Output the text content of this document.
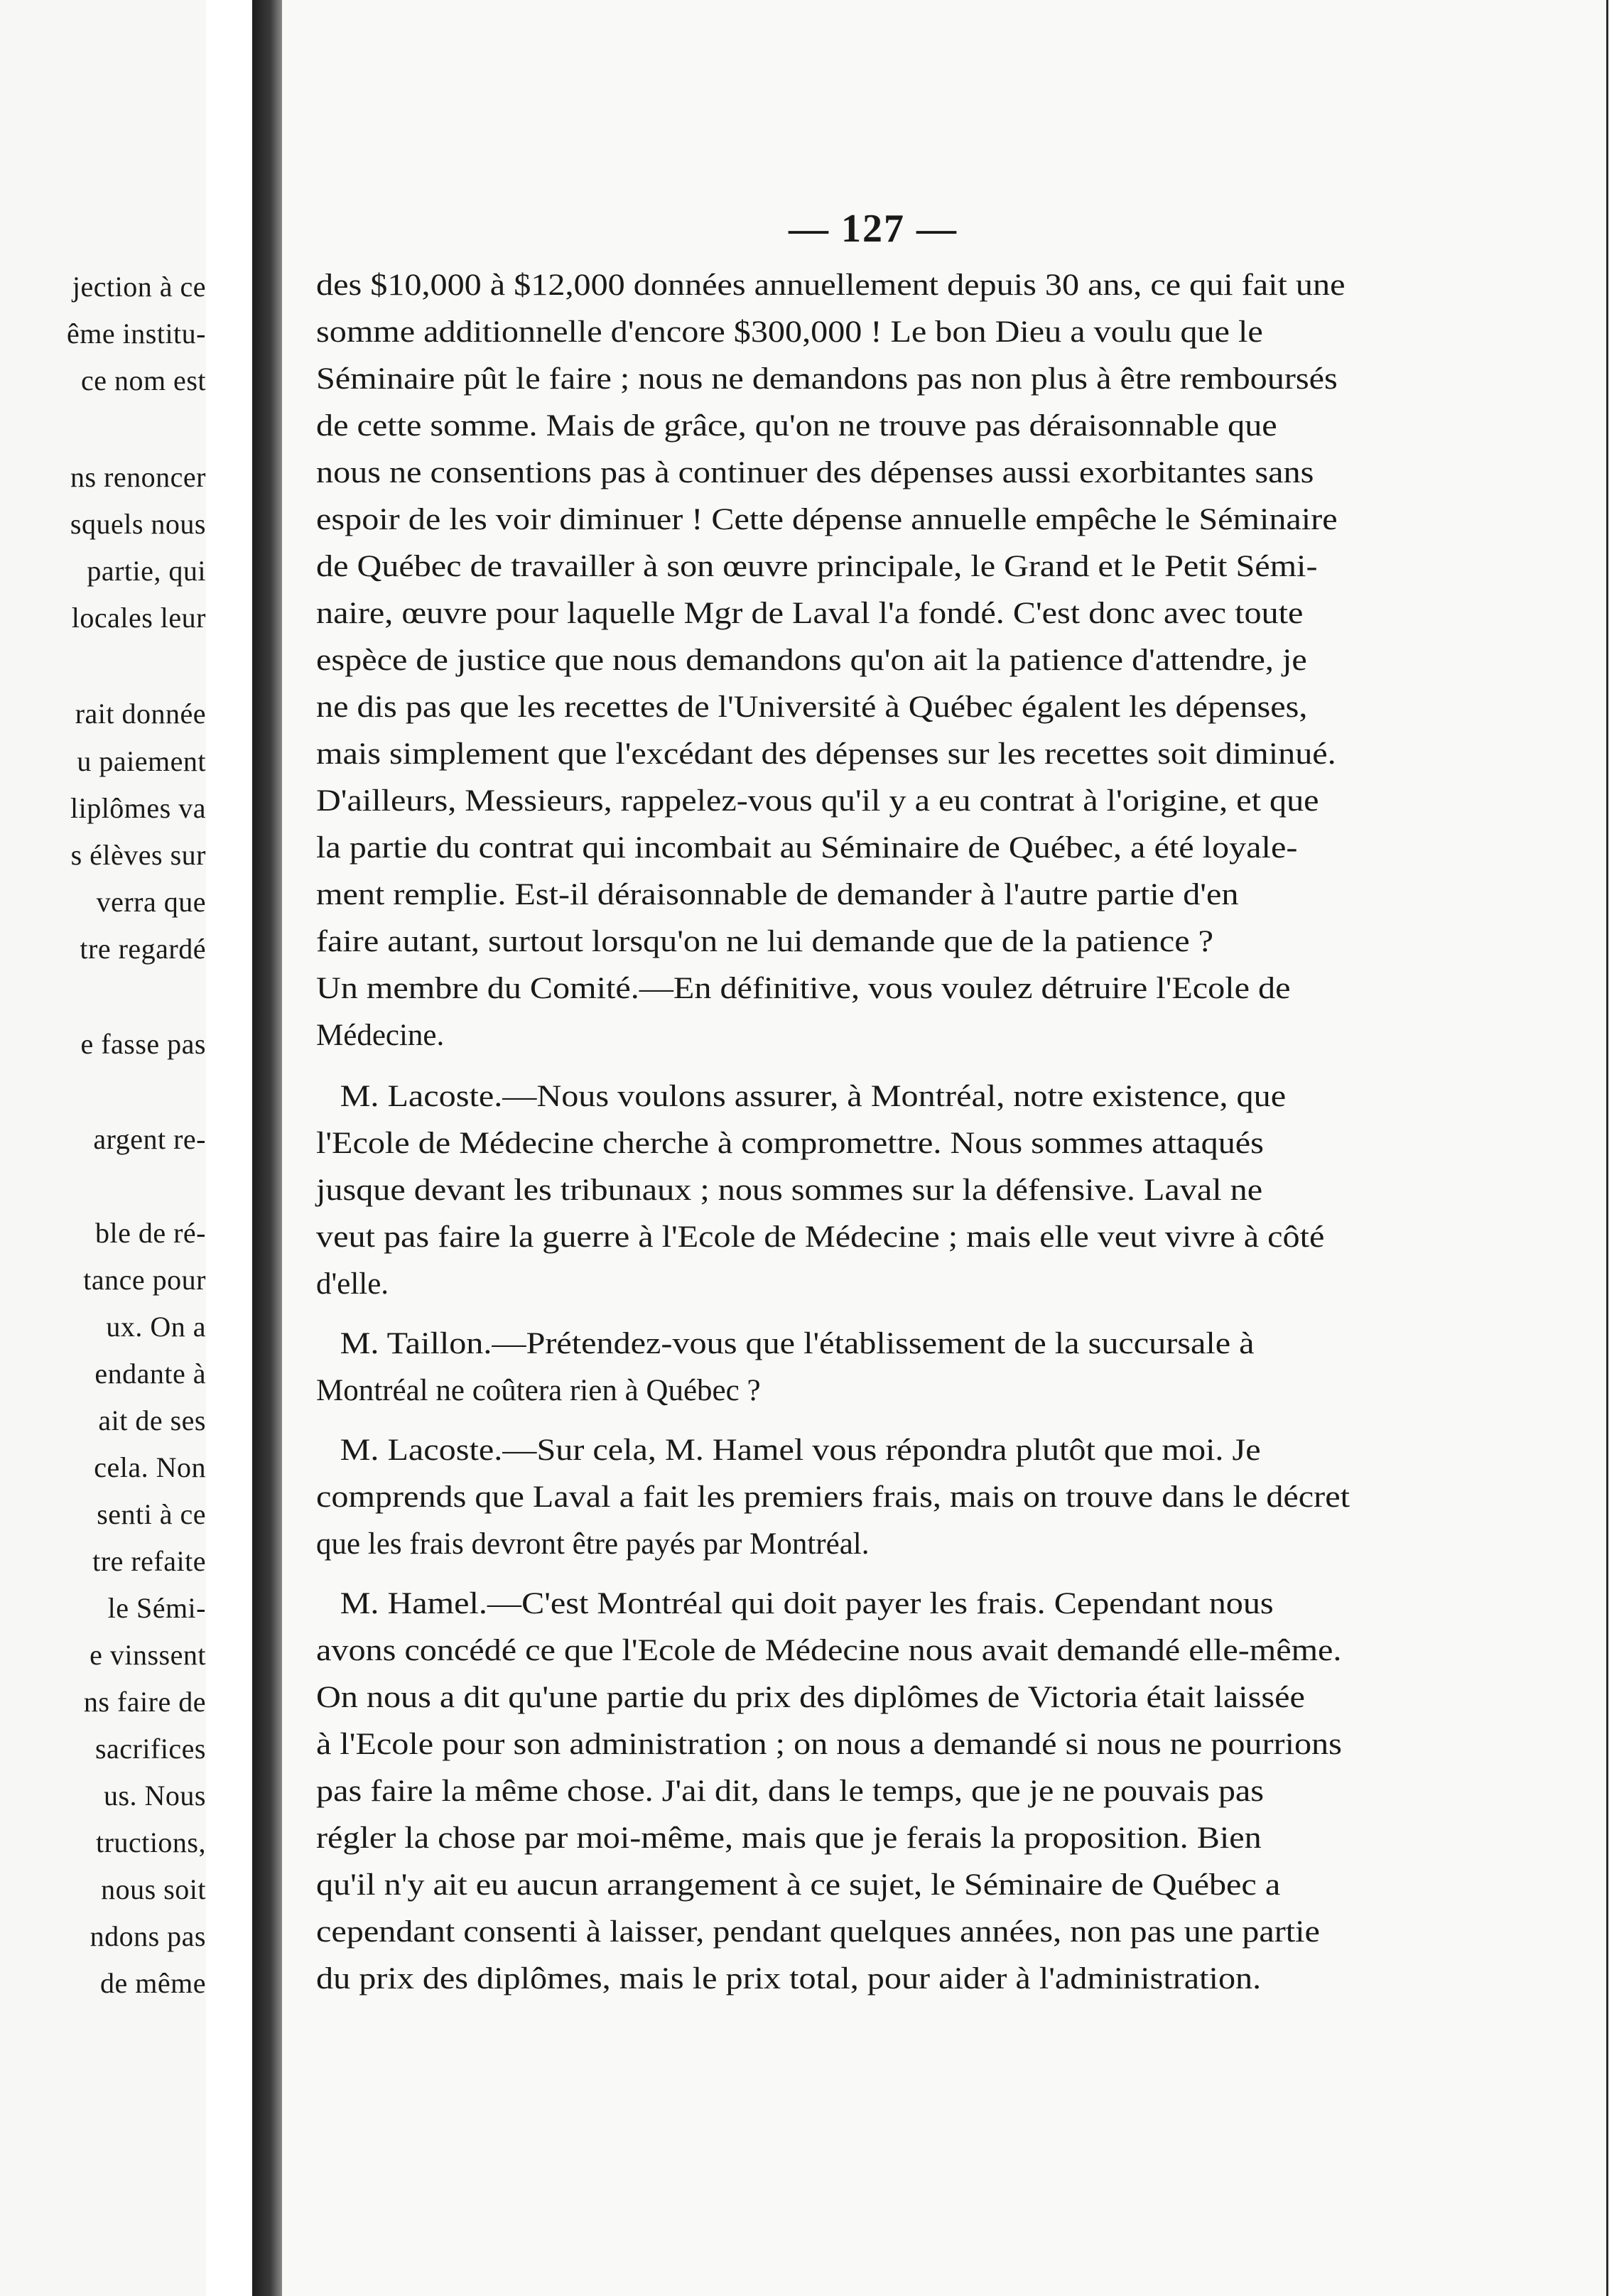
jection à ce
ême institu-
ce nom est
ns renoncer
squels nous
partie, qui
locales leur
rait donnée
u paiement
liplômes va
s élèves sur
verra que
tre regardé
e fasse pas
argent re-
ble de ré-
tance pour
ux. On a
endante à
ait de ses
cela. Non
senti à ce
tre refaite
le Sémi-
e vinssent
ns faire de
sacrifices
us. Nous
tructions,
nous soit
ndons pas
de même
— 127 —
des $10,000 à $12,000 données annuellement depuis 30 ans, ce qui fait une
somme additionnelle d'encore $300,000 ! Le bon Dieu a voulu que le
Séminaire pût le faire ; nous ne demandons pas non plus à être remboursés
de cette somme. Mais de grâce, qu'on ne trouve pas déraisonnable que
nous ne consentions pas à continuer des dépenses aussi exorbitantes sans
espoir de les voir diminuer ! Cette dépense annuelle empêche le Séminaire
de Québec de travailler à son œuvre principale, le Grand et le Petit Sémi-
naire, œuvre pour laquelle Mgr de Laval l'a fondé. C'est donc avec toute
espèce de justice que nous demandons qu'on ait la patience d'attendre, je
ne dis pas que les recettes de l'Université à Québec égalent les dépenses,
mais simplement que l'excédant des dépenses sur les recettes soit diminué.
D'ailleurs, Messieurs, rappelez-vous qu'il y a eu contrat à l'origine, et que
la partie du contrat qui incombait au Séminaire de Québec, a été loyale-
ment remplie. Est-il déraisonnable de demander à l'autre partie d'en
faire autant, surtout lorsqu'on ne lui demande que de la patience ?
Un membre du Comité.—En définitive, vous voulez détruire l'Ecole de
Médecine.
M. Lacoste.—Nous voulons assurer, à Montréal, notre existence, que
l'Ecole de Médecine cherche à compromettre. Nous sommes attaqués
jusque devant les tribunaux ; nous sommes sur la défensive. Laval ne
veut pas faire la guerre à l'Ecole de Médecine ; mais elle veut vivre à côté
d'elle.
M. Taillon.—Prétendez-vous que l'établissement de la succursale à
Montréal ne coûtera rien à Québec ?
M. Lacoste.—Sur cela, M. Hamel vous répondra plutôt que moi. Je
comprends que Laval a fait les premiers frais, mais on trouve dans le décret
que les frais devront être payés par Montréal.
M. Hamel.—C'est Montréal qui doit payer les frais. Cependant nous
avons concédé ce que l'Ecole de Médecine nous avait demandé elle-même.
On nous a dit qu'une partie du prix des diplômes de Victoria était laissée
à l'Ecole pour son administration ; on nous a demandé si nous ne pourrions
pas faire la même chose. J'ai dit, dans le temps, que je ne pouvais pas
régler la chose par moi-même, mais que je ferais la proposition. Bien
qu'il n'y ait eu aucun arrangement à ce sujet, le Séminaire de Québec a
cependant consenti à laisser, pendant quelques années, non pas une partie
du prix des diplômes, mais le prix total, pour aider à l'administration.
